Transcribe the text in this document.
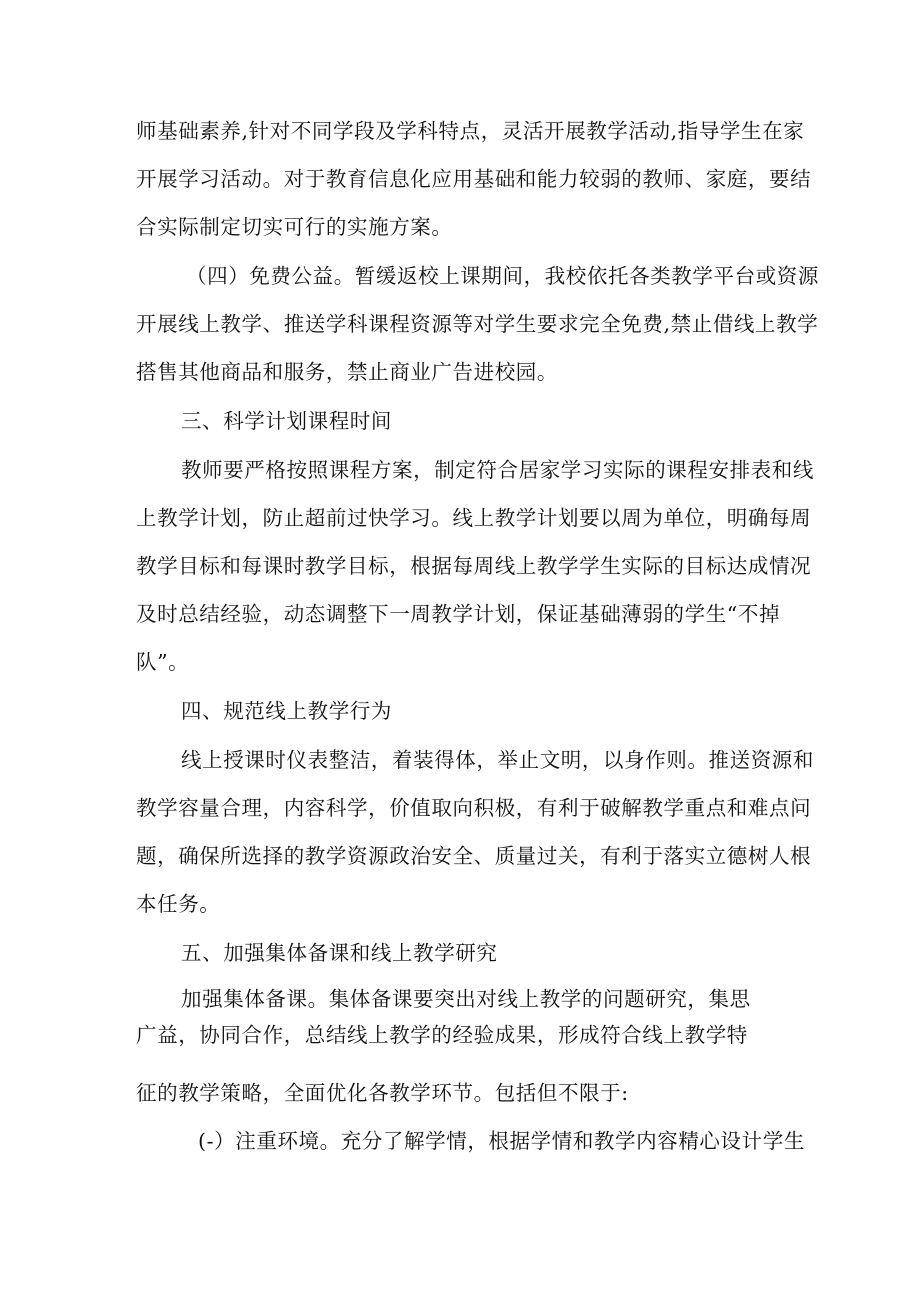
师基础素养,针对不同学段及学科特点，灵活开展教学活动,指导学生在家
开展学习活动。对于教育信息化应用基础和能力较弱的教师、家庭，要结
合实际制定切实可行的实施方案。
（四）免费公益。暂缓返校上课期间，我校依托各类教学平台或资源
开展线上教学、推送学科课程资源等对学生要求完全免费,禁止借线上教学
搭售其他商品和服务，禁止商业广告进校园。
三、科学计划课程时间
教师要严格按照课程方案，制定符合居家学习实际的课程安排表和线
上教学计划，防止超前过快学习。线上教学计划要以周为单位，明确每周
教学目标和每课时教学目标，根据每周线上教学学生实际的目标达成情况
及时总结经验，动态调整下一周教学计划，保证基础薄弱的学生“不掉
队”。
四、规范线上教学行为
线上授课时仪表整洁，着装得体，举止文明，以身作则。推送资源和
教学容量合理，内容科学，价值取向积极，有利于破解教学重点和难点问
题，确保所选择的教学资源政治安全、质量过关，有利于落实立德树人根
本任务。
五、加强集体备课和线上教学研究
加强集体备课。集体备课要突出对线上教学的问题研究，集思
广益，协同合作，总结线上教学的经验成果，形成符合线上教学特
征的教学策略，全面优化各教学环节。包括但不限于:
(-）注重环境。充分了解学情，根据学情和教学内容精心设计学生
